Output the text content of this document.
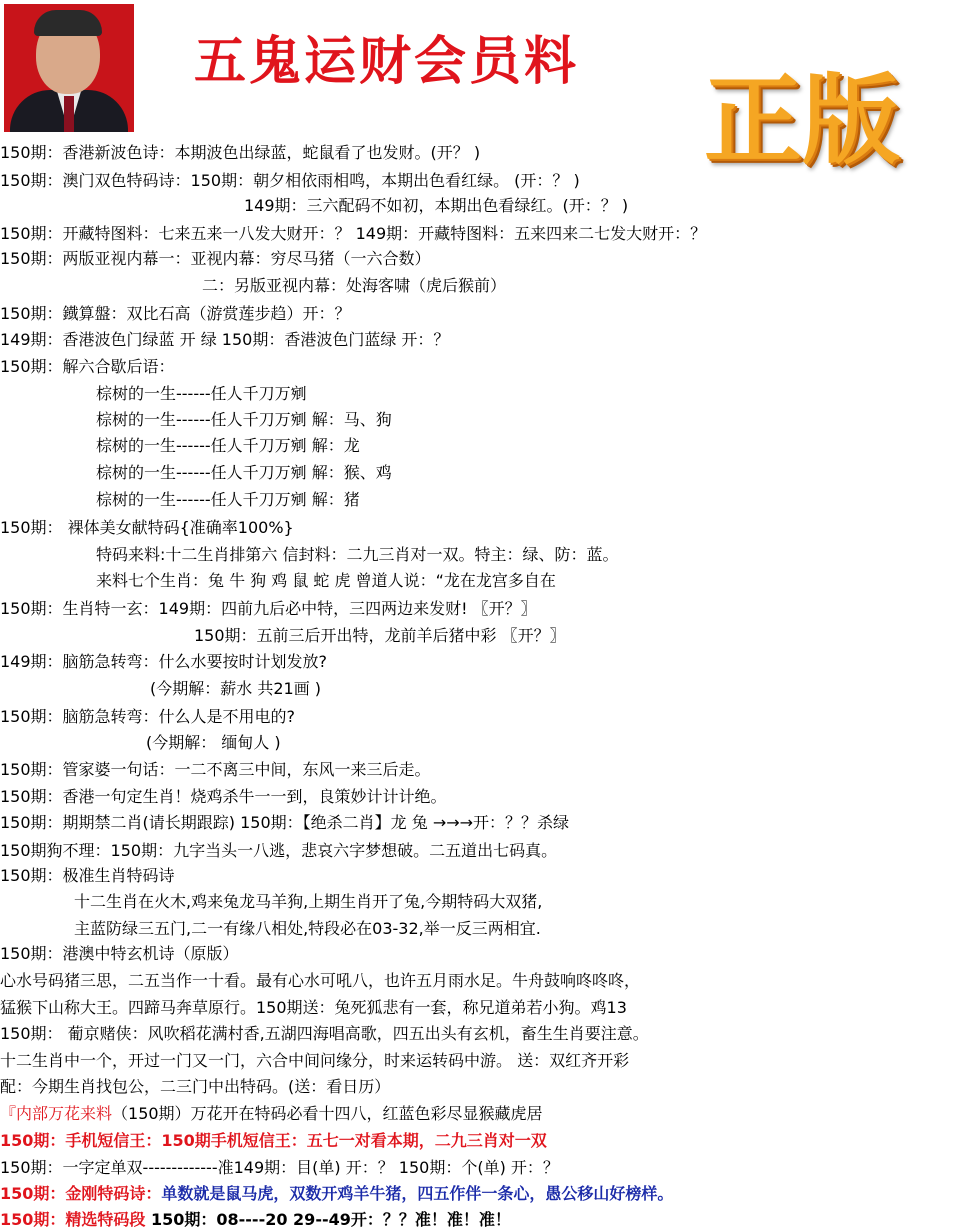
五鬼运财会员料
正版
150期：香港新波色诗：本期波色出绿蓝，蛇鼠看了也发财。(开？ )
150期：澳门双色特码诗：150期：朝夕相依雨相鸣，本期出色看红绿。 (开：？ )
149期：三六配码不如初，本期出色看绿红。(开：？ )
150期：开藏特图料：七来五来一八发大财开：？ 149期：开藏特图料：五来四来二七发大财开：？
150期：两版亚视内幕一：亚视内幕：穷尽马猪（一六合数）
二：另版亚视内幕：处海客啸（虎后猴前）
150期：鐡算盤：双比石高（游赏莲步趋）开：？
149期：香港波色门绿蓝 开 绿 150期：香港波色门蓝绿 开：？
150期：解六合歇后语：
棕树的一生------任人千刀万剜
棕树的一生------任人千刀万剜 解：马、狗
棕树的一生------任人千刀万剜 解：龙
棕树的一生------任人千刀万剜 解：猴、鸡
棕树的一生------任人千刀万剜 解：猪
150期： 裸体美女献特码{准确率100%}
特码来料:十二生肖排第六 信封料：二九三肖对一双。特主：绿、防：蓝。
来料七个生肖：兔 牛 狗 鸡 鼠 蛇 虎 曾道人说：“龙在龙宫多自在
150期：生肖特一玄：149期：四前九后必中特，三四两边来发财! 〖开？〗
150期：五前三后开出特，龙前羊后猪中彩 〖开？〗
149期：脑筋急转弯：什么水要按时计划发放?
(今期解：薪水 共21画 )
150期：脑筋急转弯：什么人是不用电的?
(今期解： 缅甸人 )
150期：管家婆一句话：一二不离三中间，东风一来三后走。
150期：香港一句定生肖！烧鸡杀牛一一到，良策妙计计计绝。
150期：期期禁二肖(请长期跟踪) 150期：【绝杀二肖】龙 兔 →→→开：？？杀绿
150期狗不理：150期：九字当头一八逃，悲哀六字梦想破。二五道出七码真。
150期：极准生肖特码诗
十二生肖在火木,鸡来兔龙马羊狗,上期生肖开了兔,今期特码大双猪,
主蓝防绿三五门,二一有缘八相处,特段必在03-32,举一反三两相宜.
150期：港澳中特玄机诗（原版）
心水号码猪三思，二五当作一十看。最有心水可吼八，也许五月雨水足。牛舟鼓响咚咚咚，
猛猴下山称大王。四蹄马奔草原行。150期送：兔死狐悲有一套，称兄道弟若小狗。鸡13
150期： 葡京赌侠：风吹稻花满村香,五湖四海唱高歌，四五出头有玄机，畜生生肖要注意。
十二生肖中一个，开过一门又一门，六合中间问缘分，时来运转码中游。 送：双红齐开彩
配：今期生肖找包公，二三门中出特码。(送：看日历）
『内部万花来料（150期）万花开在特码必看十四八，红蓝色彩尽显猴藏虎居
150期：手机短信王：150期手机短信王：五七一对看本期，二九三肖对一双
150期：一字定单双-------------准149期：目(单) 开：？ 150期：个(单) 开：？
150期：金刚特码诗：单数就是鼠马虎，双数开鸡羊牛猪，四五作伴一条心，愚公移山好榜样。
150期：精选特码段 150期：08----20 29--49开：？？准！准！准！
